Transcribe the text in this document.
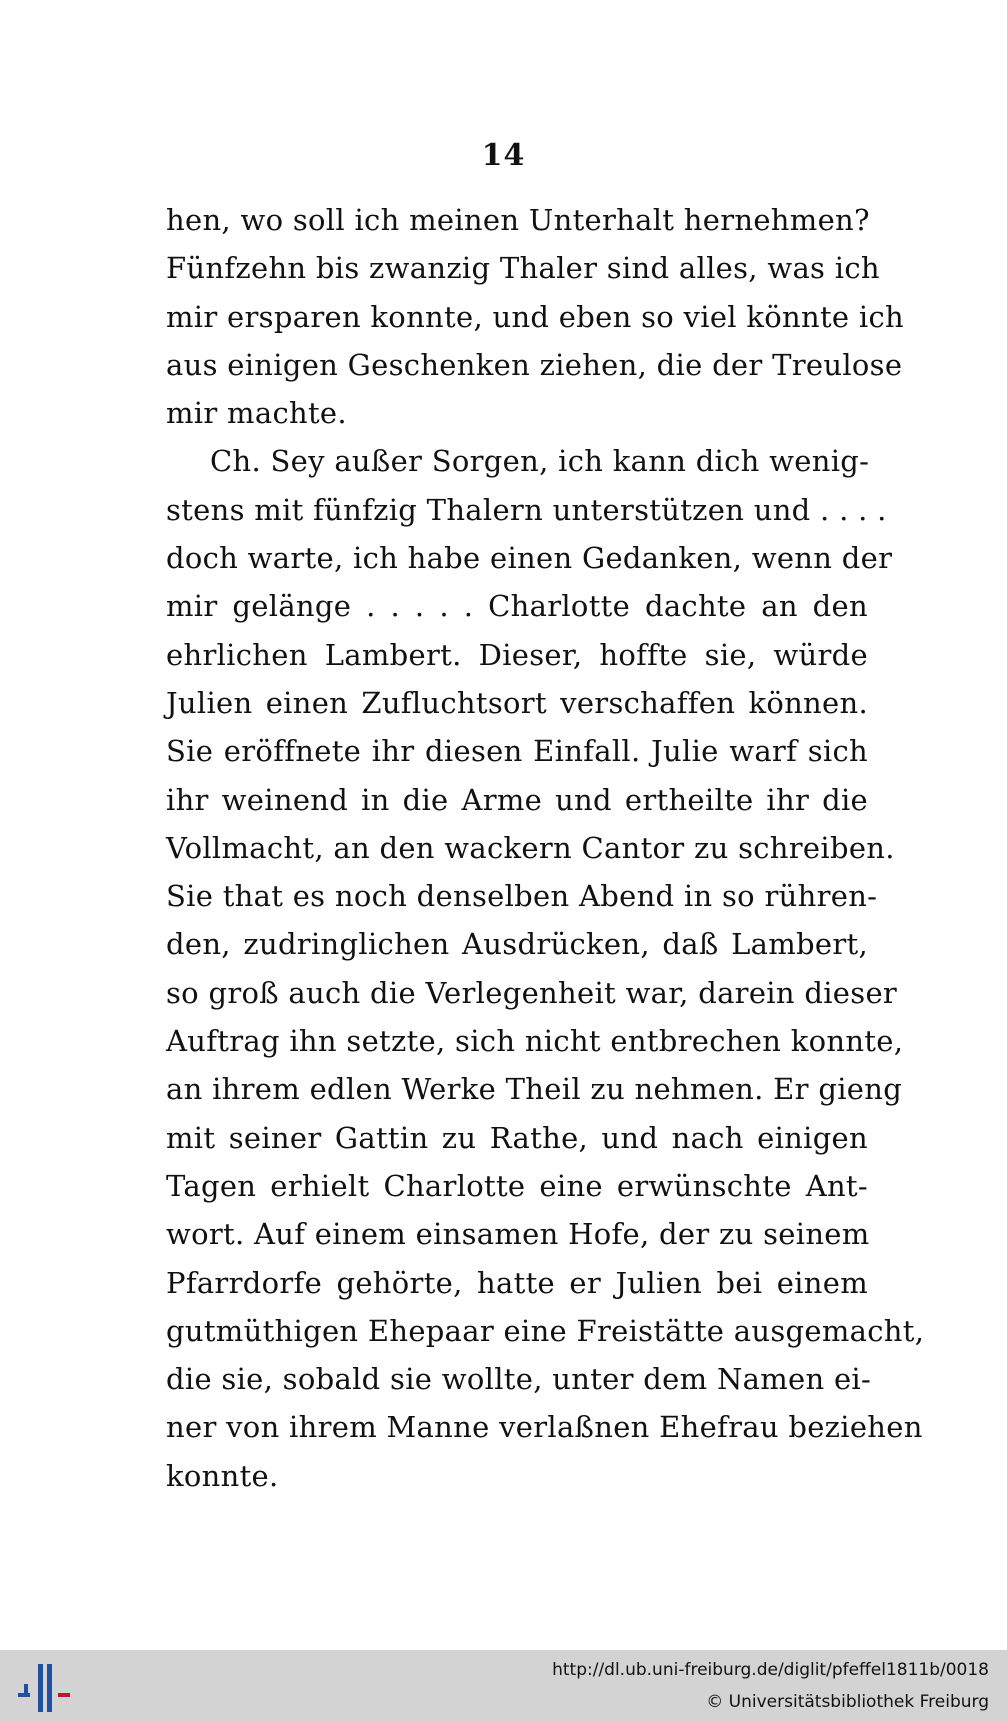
14
hen, wo soll ich meinen Unterhalt hernehmen?
Fünfzehn bis zwanzig Thaler sind alles, was ich
mir ersparen konnte, und eben so viel könnte ich
aus einigen Geschenken ziehen, die der Treulose
mir machte.
Ch. Sey außer Sorgen, ich kann dich wenig-
stens mit fünfzig Thalern unterstützen und . . . .
doch warte, ich habe einen Gedanken, wenn der
mir gelänge . . . . . Charlotte dachte an den
ehrlichen Lambert. Dieser, hoffte sie, würde
Julien einen Zufluchtsort verschaffen können.
Sie eröffnete ihr diesen Einfall. Julie warf sich
ihr weinend in die Arme und ertheilte ihr die
Vollmacht, an den wackern Cantor zu schreiben.
Sie that es noch denselben Abend in so rühren-
den, zudringlichen Ausdrücken, daß Lambert,
so groß auch die Verlegenheit war, darein dieser
Auftrag ihn setzte, sich nicht entbrechen konnte,
an ihrem edlen Werke Theil zu nehmen. Er gieng
mit seiner Gattin zu Rathe, und nach einigen
Tagen erhielt Charlotte eine erwünschte Ant-
wort. Auf einem einsamen Hofe, der zu seinem
Pfarrdorfe gehörte, hatte er Julien bei einem
gutmüthigen Ehepaar eine Freistätte ausgemacht,
die sie, sobald sie wollte, unter dem Namen ei-
ner von ihrem Manne verlaßnen Ehefrau beziehen
konnte.
http://dl.ub.uni-freiburg.de/diglit/pfeffel1811b/0018
© Universitätsbibliothek Freiburg
